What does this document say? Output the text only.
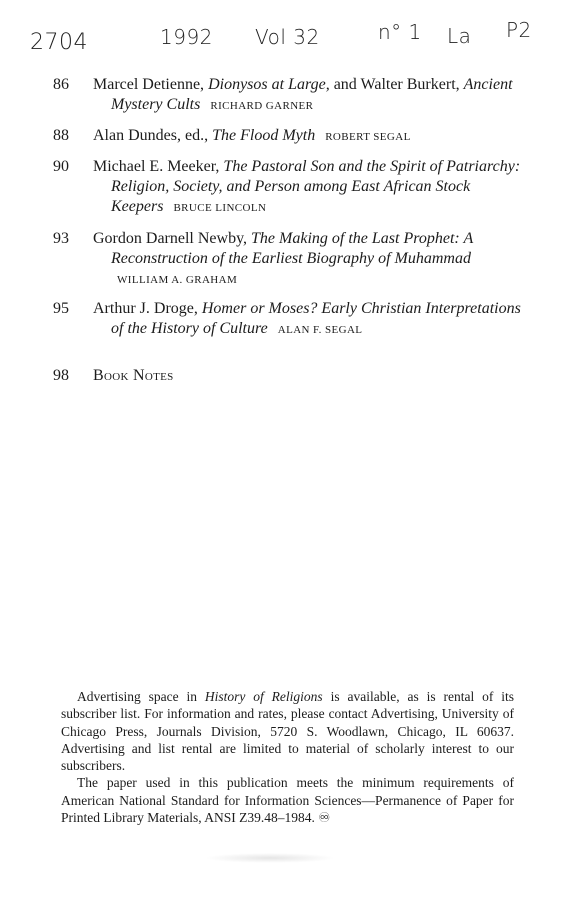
2704	1992 Vol 32	n° 1 La P2
86	Marcel Detienne, Dionysos at Large, and Walter Burkert, Ancient Mystery Cults RICHARD GARNER
88	Alan Dundes, ed., The Flood Myth ROBERT SEGAL
90	Michael E. Meeker, The Pastoral Son and the Spirit of Patriarchy: Religion, Society, and Person among East African Stock Keepers BRUCE LINCOLN
93	Gordon Darnell Newby, The Making of the Last Prophet: A Reconstruction of the Earliest Biography of Muhammad WILLIAM A. GRAHAM
95	Arthur J. Droge, Homer or Moses? Early Christian Interpretations of the History of Culture ALAN F. SEGAL
98	Book Notes

Advertising space in History of Religions is available, as is rental of its subscriber list. For information and rates, please contact Advertising, University of Chicago Press, Journals Division, 5720 S. Woodlawn, Chicago, IL 60637. Advertising and list rental are limited to material of scholarly interest to our subscribers.

The paper used in this publication meets the minimum requirements of American National Standard for Information Sciences—Permanence of Paper for Printed Library Materials, ANSI Z39.48–1984. ♾
